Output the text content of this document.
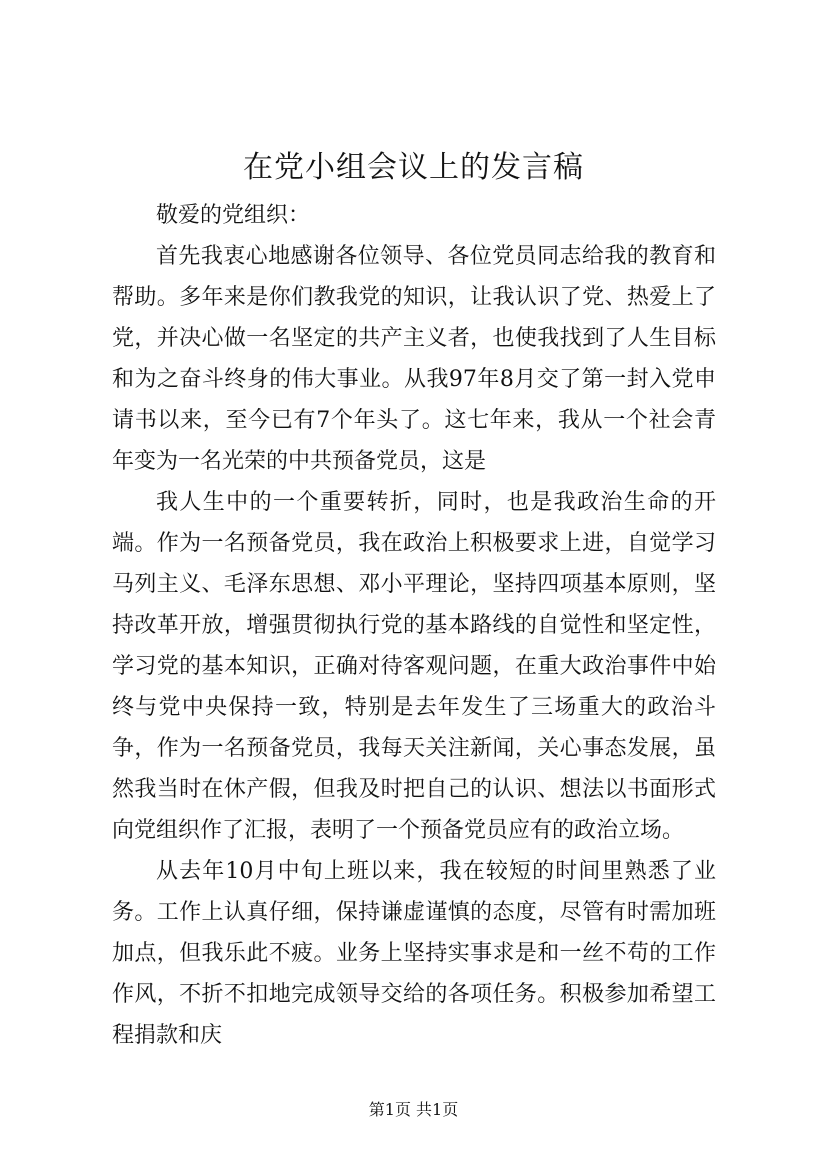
在党小组会议上的发言稿

敬爱的党组织：

首先我衷心地感谢各位领导、各位党员同志给我的教育和帮助。多年来是你们教我党的知识，让我认识了党、热爱上了党，并决心做一名坚定的共产主义者，也使我找到了人生目标和为之奋斗终身的伟大事业。从我97年8月交了第一封入党申请书以来，至今已有7个年头了。这七年来，我从一个社会青年变为一名光荣的中共预备党员，这是

我人生中的一个重要转折，同时，也是我政治生命的开端。作为一名预备党员，我在政治上积极要求上进，自觉学习马列主义、毛泽东思想、邓小平理论，坚持四项基本原则，坚持改革开放，增强贯彻执行党的基本路线的自觉性和坚定性，学习党的基本知识，正确对待客观问题，在重大政治事件中始终与党中央保持一致，特别是去年发生了三场重大的政治斗争，作为一名预备党员，我每天关注新闻，关心事态发展，虽然我当时在休产假，但我及时把自己的认识、想法以书面形式向党组织作了汇报，表明了一个预备党员应有的政治立场。

从去年10月中旬上班以来，我在较短的时间里熟悉了业务。工作上认真仔细，保持谦虚谨慎的态度，尽管有时需加班加点，但我乐此不疲。业务上坚持实事求是和一丝不苟的工作作风，不折不扣地完成领导交给的各项任务。积极参加希望工程捐款和庆

第1页 共1页
